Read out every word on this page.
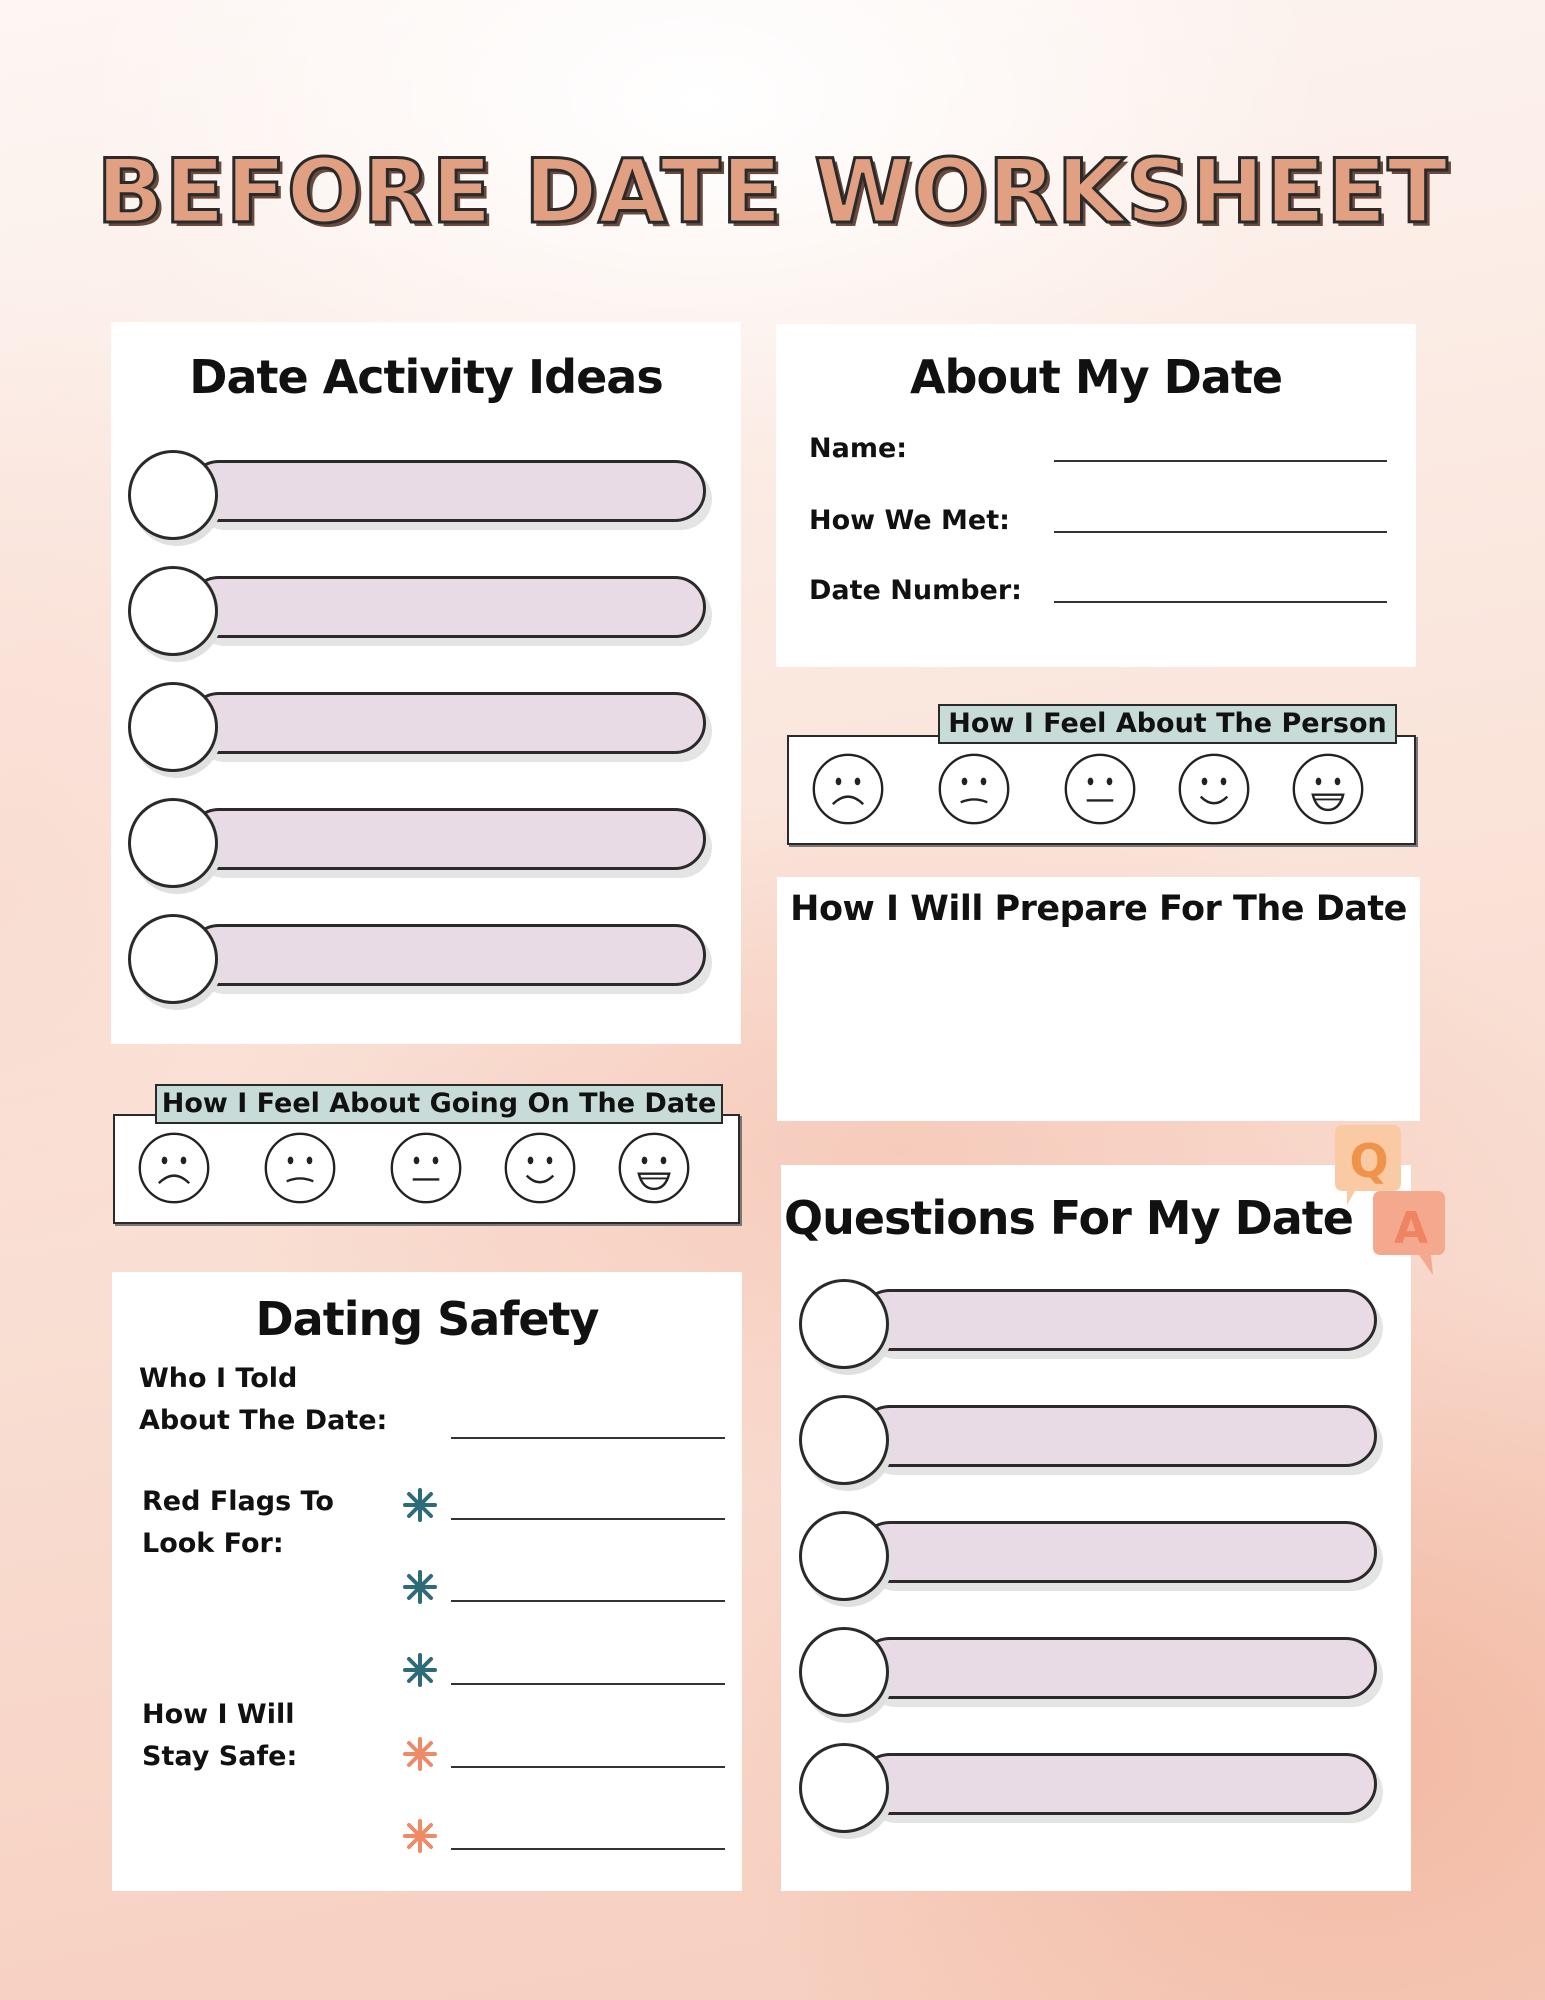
BEFORE DATE WORKSHEET
Date Activity Ideas	About My Date
Name:
How We Met:
Date Number:
How I Feel About The Person
How I Will Prepare For The Date
How I Feel About Going On The Date
Dating Safety
Who I Told
About The Date:
Red Flags To
Look For:
How I Will
Stay Safe:
Questions For My Date
Q
A
